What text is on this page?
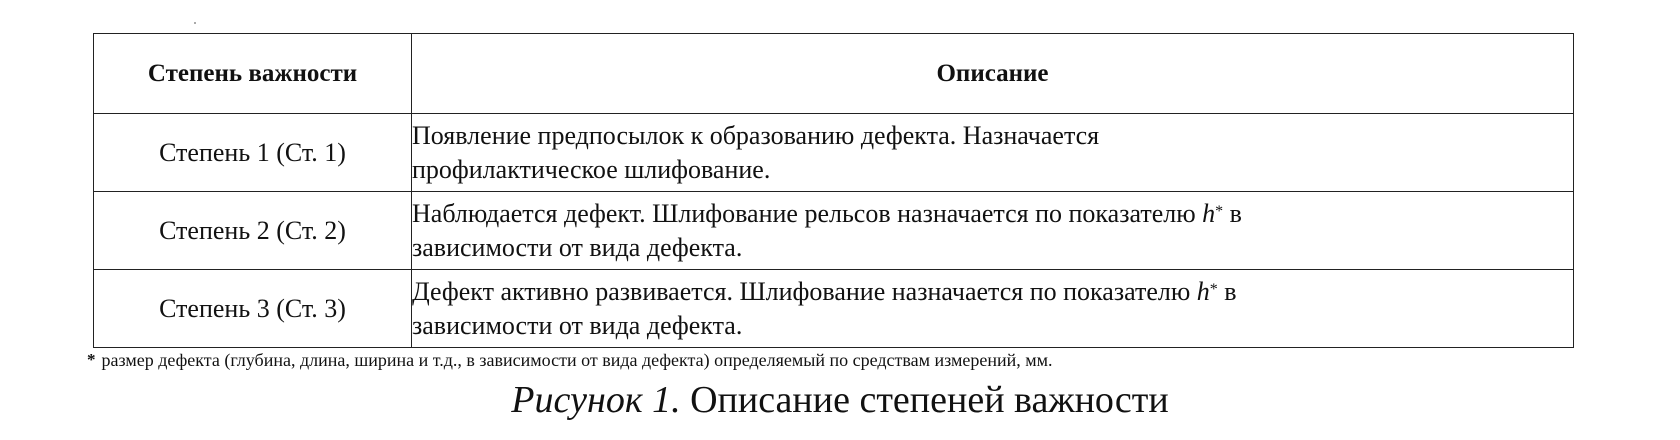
Степень важности	Описание
Степень 1 (Ст. 1)	Появление предпосылок к образованию дефекта. Назначается
профилактическое шлифование.
Степень 2 (Ст. 2)	Наблюдается дефект. Шлифование рельсов назначается по показателю h* в
зависимости от вида дефекта.
Степень 3 (Ст. 3)	Дефект активно развивается. Шлифование назначается по показателю h* в
зависимости от вида дефекта.
* размер дефекта (глубина, длина, ширина и т.д., в зависимости от вида дефекта) определяемый по средствам измерений, мм.
Рисунок 1. Описание степеней важности
